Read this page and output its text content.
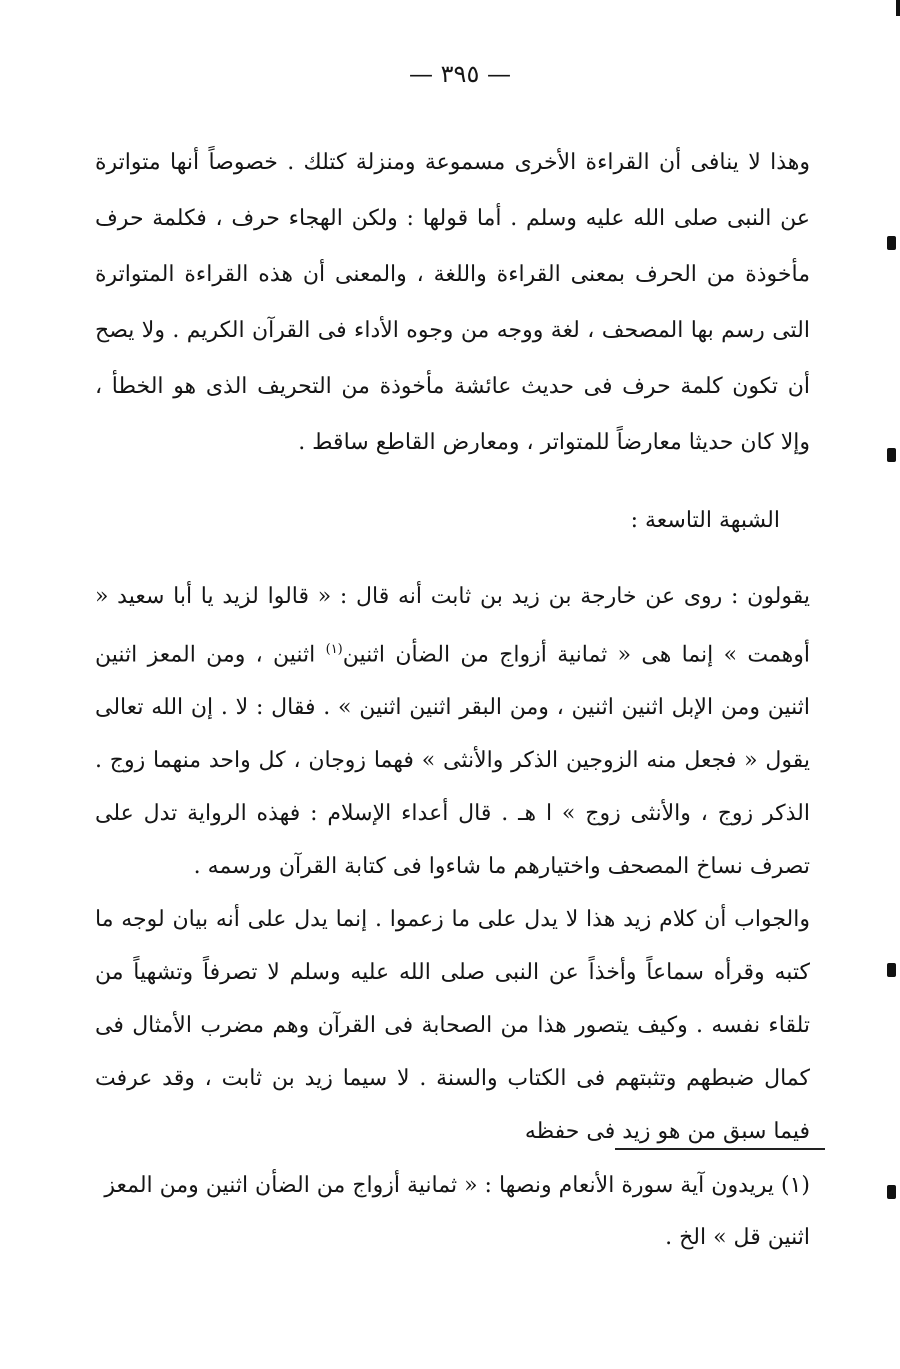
— ٣٩٥ —

وهذا لا ينافى أن القراءة الأخرى مسموعة ومنزلة كتلك . خصوصاً أنها متواترة عن النبى صلى الله عليه وسلم . أما قولها : ولكن الهجاء حرف ، فكلمة حرف مأخوذة من الحرف بمعنى القراءة واللغة ، والمعنى أن هذه القراءة المتواترة التى رسم بها المصحف ، لغة ووجه من وجوه الأداء فى القرآن الكريم . ولا يصح أن تكون كلمة حرف فى حديث عائشة مأخوذة من التحريف الذى هو الخطأ ، وإلا كان حديثا معارضاً للمتواتر ، ومعارض القاطع ساقط .

الشبهة التاسعة :

يقولون : روى عن خارجة بن زيد بن ثابت أنه قال : « قالوا لزيد يا أبا سعيد « أوهمت » إنما هى « ثمانية أزواج من الضأن اثنين$^{(١)}$ اثنين ، ومن المعز اثنين اثنين ومن الإبل اثنين اثنين ، ومن البقر اثنين اثنين » . فقال : لا . إن الله تعالى يقول « فجعل منه الزوجين الذكر والأنثى » فهما زوجان ، كل واحد منهما زوج . الذكر زوج ، والأنثى زوج » ا هـ . قال أعداء الإسلام : فهذه الرواية تدل على تصرف نساخ المصحف واختيارهم ما شاءوا فى كتابة القرآن ورسمه .

والجواب أن كلام زيد هذا لا يدل على ما زعموا . إنما يدل على أنه بيان لوجه ما كتبه وقرأه سماعاً وأخذاً عن النبى صلى الله عليه وسلم لا تصرفاً وتشهياً من تلقاء نفسه . وكيف يتصور هذا من الصحابة فى القرآن وهم مضرب الأمثال فى كمال ضبطهم وتثبتهم فى الكتاب والسنة . لا سيما زيد بن ثابت ، وقد عرفت فيما سبق من هو زيد فى حفظه

(١) يريدون آية سورة الأنعام ونصها : « ثمانية أزواج من الضأن اثنين ومن المعز اثنين قل » الخ .
